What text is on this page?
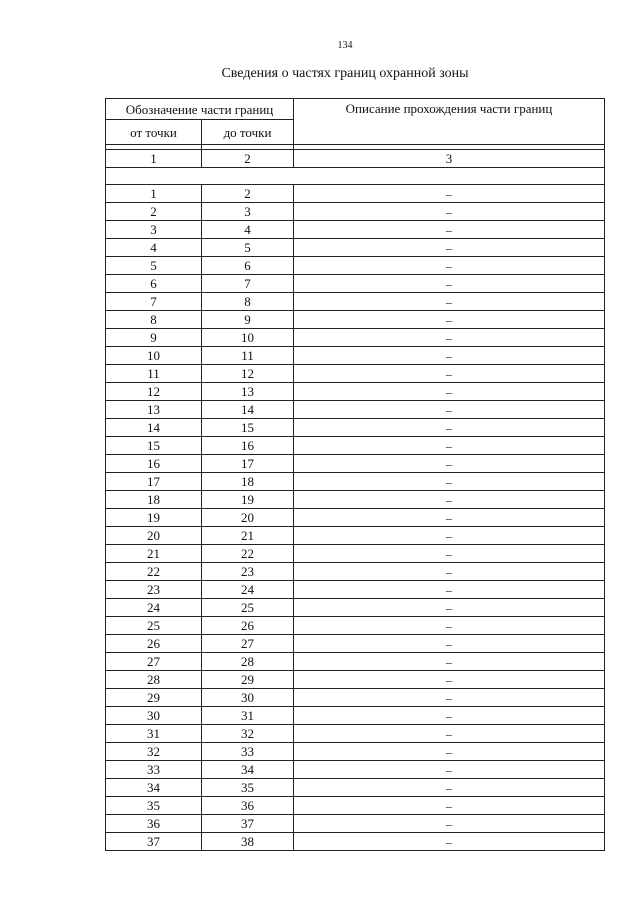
134
Сведения о частях границ охранной зоны
Обозначение части границ		Описание прохождения части границ
от точки	до точки	

1	2	3

1	2	–
2	3	–
3	4	–
4	5	–
5	6	–
6	7	–
7	8	–
8	9	–
9	10	–
10	11	–
11	12	–
12	13	–
13	14	–
14	15	–
15	16	–
16	17	–
17	18	–
18	19	–
19	20	–
20	21	–
21	22	–
22	23	–
23	24	–
24	25	–
25	26	–
26	27	–
27	28	–
28	29	–
29	30	–
30	31	–
31	32	–
32	33	–
33	34	–
34	35	–
35	36	–
36	37	–
37	38	–
